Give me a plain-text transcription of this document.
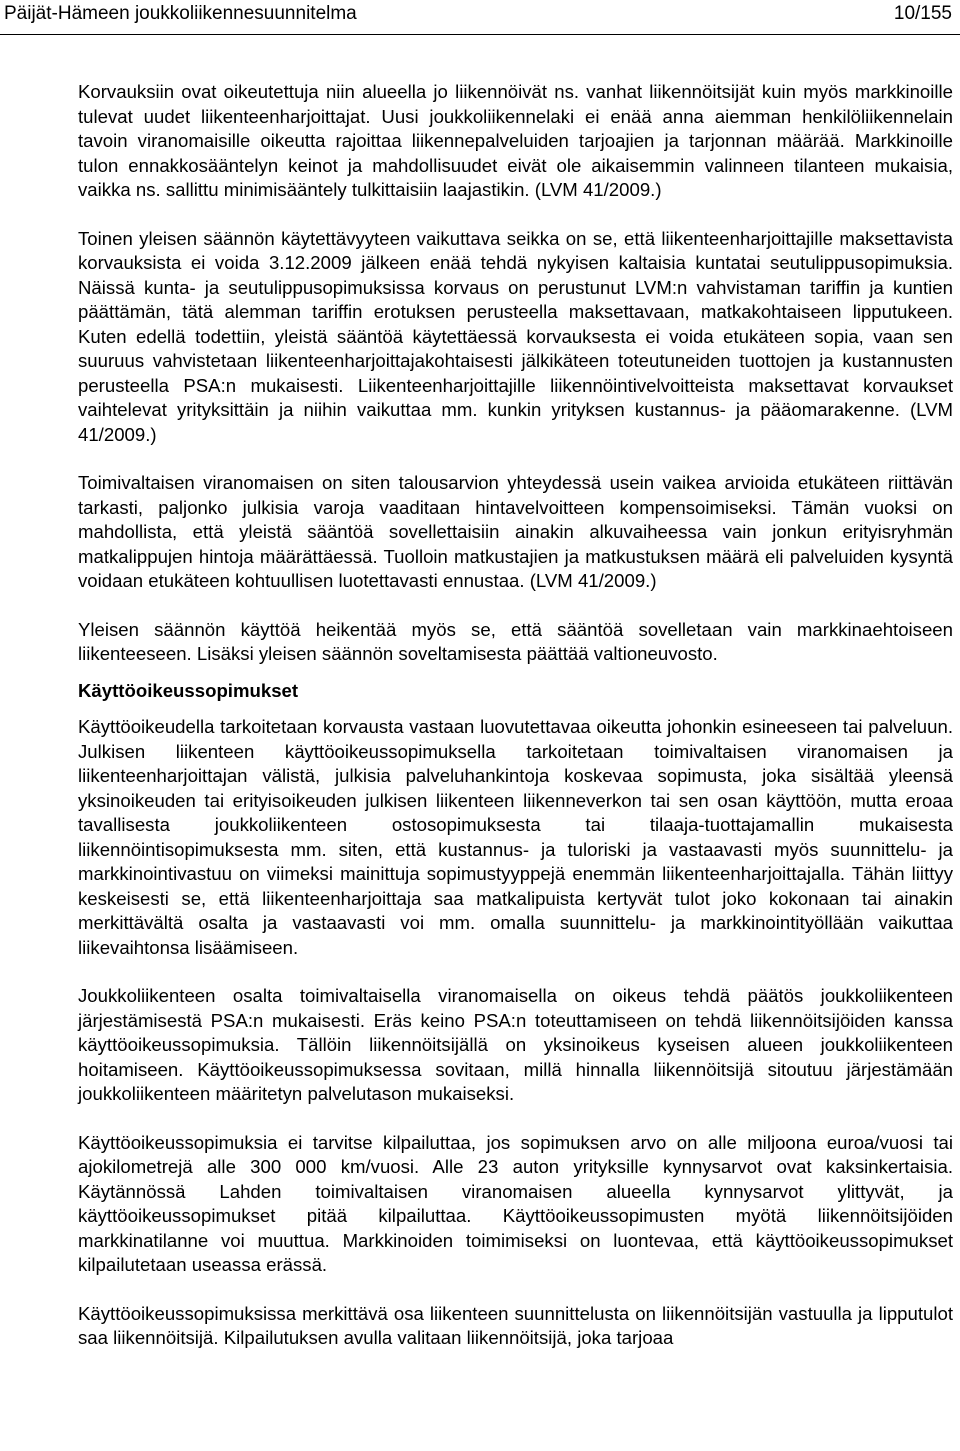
Päijät-Hämeen joukkoliikennesuunnitelma	10/155

Korvauksiin ovat oikeutettuja niin alueella jo liikennöivät ns. vanhat liikennöitsijät kuin myös markkinoille tulevat uudet liikenteenharjoittajat. Uusi joukkoliikennelaki ei enää anna aiemman henkilöliikennelain tavoin viranomaisille oikeutta rajoittaa liikennepalveluiden tarjoajien ja tarjonnan määrää. Markkinoille tulon ennakkosääntelyn keinot ja mahdollisuudet eivät ole aikaisemmin valinneen tilanteen mukaisia, vaikka ns. sallittu minimisääntely tulkittaisiin laajastikin. (LVM 41/2009.)

Toinen yleisen säännön käytettävyyteen vaikuttava seikka on se, että liikenteenharjoittajille maksettavista korvauksista ei voida 3.12.2009 jälkeen enää tehdä nykyisen kaltaisia kuntatai seutulippusopimuksia. Näissä kunta- ja seutulippusopimuksissa korvaus on perustunut LVM:n vahvistaman tariffin ja kuntien päättämän, tätä alemman tariffin erotuksen perusteella maksettavaan, matkakohtaiseen lipputukeen. Kuten edellä todettiin, yleistä sääntöä käytettäessä korvauksesta ei voida etukäteen sopia, vaan sen suuruus vahvistetaan liikenteenharjoittajakohtaisesti jälkikäteen toteutuneiden tuottojen ja kustannusten perusteella PSA:n mukaisesti. Liikenteenharjoittajille liikennöintivelvoitteista maksettavat korvaukset vaihtelevat yrityksittäin ja niihin vaikuttaa mm. kunkin yrityksen kustannus- ja pääomarakenne. (LVM 41/2009.)

Toimivaltaisen viranomaisen on siten talousarvion yhteydessä usein vaikea arvioida etukäteen riittävän tarkasti, paljonko julkisia varoja vaaditaan hintavelvoitteen kompensoimiseksi. Tämän vuoksi on mahdollista, että yleistä sääntöä sovellettaisiin ainakin alkuvaiheessa vain jonkun erityisryhmän matkalippujen hintoja määrättäessä. Tuolloin matkustajien ja matkustuksen määrä eli palveluiden kysyntä voidaan etukäteen kohtuullisen luotettavasti ennustaa. (LVM 41/2009.)

Yleisen säännön käyttöä heikentää myös se, että sääntöä sovelletaan vain markkinaehtoiseen liikenteeseen. Lisäksi yleisen säännön soveltamisesta päättää valtioneuvosto.

Käyttöoikeussopimukset

Käyttöoikeudella tarkoitetaan korvausta vastaan luovutettavaa oikeutta johonkin esineeseen tai palveluun. Julkisen liikenteen käyttöoikeussopimuksella tarkoitetaan toimivaltaisen viranomaisen ja liikenteenharjoittajan välistä, julkisia palveluhankintoja koskevaa sopimusta, joka sisältää yleensä yksinoikeuden tai erityisoikeuden julkisen liikenteen liikenneverkon tai sen osan käyttöön, mutta eroaa tavallisesta joukkoliikenteen ostosopimuksesta tai tilaaja-tuottajamallin mukaisesta liikennöintisopimuksesta mm. siten, että kustannus- ja tuloriski ja vastaavasti myös suunnittelu- ja markkinointivastuu on viimeksi mainittuja sopimustyyppejä enemmän liikenteenharjoittajalla. Tähän liittyy keskeisesti se, että liikenteenharjoittaja saa matkalipuista kertyvät tulot joko kokonaan tai ainakin merkittävältä osalta ja vastaavasti voi mm. omalla suunnittelu- ja markkinointityöllään vaikuttaa liikevaihtonsa lisäämiseen.

Joukkoliikenteen osalta toimivaltaisella viranomaisella on oikeus tehdä päätös joukkoliikenteen järjestämisestä PSA:n mukaisesti. Eräs keino PSA:n toteuttamiseen on tehdä liikennöitsijöiden kanssa käyttöoikeussopimuksia. Tällöin liikennöitsijällä on yksinoikeus kyseisen alueen joukkoliikenteen hoitamiseen. Käyttöoikeussopimuksessa sovitaan, millä hinnalla liikennöitsijä sitoutuu järjestämään joukkoliikenteen määritetyn palvelutason mukaiseksi.

Käyttöoikeussopimuksia ei tarvitse kilpailuttaa, jos sopimuksen arvo on alle miljoona euroa/vuosi tai ajokilometrejä alle 300 000 km/vuosi. Alle 23 auton yrityksille kynnysarvot ovat kaksinkertaisia. Käytännössä Lahden toimivaltaisen viranomaisen alueella kynnysarvot ylittyvät, ja käyttöoikeussopimukset pitää kilpailuttaa. Käyttöoikeussopimusten myötä liikennöitsijöiden markkinatilanne voi muuttua. Markkinoiden toimimiseksi on luontevaa, että käyttöoikeussopimukset kilpailutetaan useassa erässä.

Käyttöoikeussopimuksissa merkittävä osa liikenteen suunnittelusta on liikennöitsijän vastuulla ja lipputulot saa liikennöitsijä. Kilpailutuksen avulla valitaan liikennöitsijä, joka tarjoaa
